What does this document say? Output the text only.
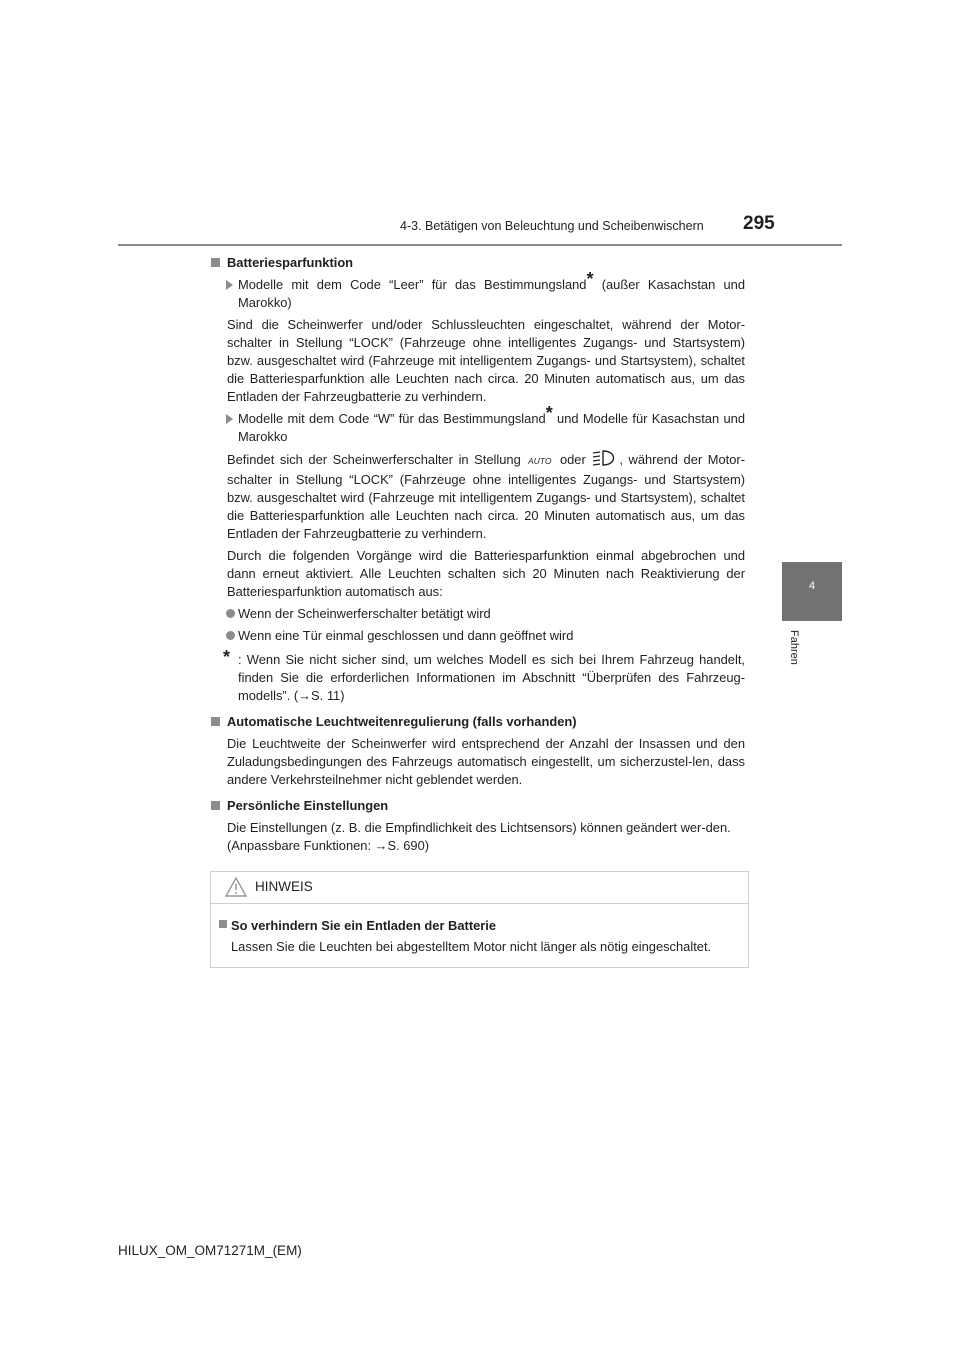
4-3. Betätigen von Beleuchtung und Scheibenwischern 295
4
Fahren
Batteriesparfunktion
Modelle mit dem Code “Leer” für das Bestimmungsland* (außer Kasachstan und Marokko)
Sind die Scheinwerfer und/oder Schlussleuchten eingeschaltet, während der Motor-schalter in Stellung “LOCK” (Fahrzeuge ohne intelligentes Zugangs- und Startsystem) bzw. ausgeschaltet wird (Fahrzeuge mit intelligentem Zugangs- und Startsystem), schaltet die Batteriesparfunktion alle Leuchten nach circa. 20 Minuten automatisch aus, um das Entladen der Fahrzeugbatterie zu verhindern.
Modelle mit dem Code “W” für das Bestimmungsland* und Modelle für Kasachstan und Marokko
Befindet sich der Scheinwerferschalter in Stellung AUTO oder , während der Motor-schalter in Stellung “LOCK” (Fahrzeuge ohne intelligentes Zugangs- und Startsystem) bzw. ausgeschaltet wird (Fahrzeuge mit intelligentem Zugangs- und Startsystem), schaltet die Batteriesparfunktion alle Leuchten nach circa. 20 Minuten automatisch aus, um das Entladen der Fahrzeugbatterie zu verhindern.
Durch die folgenden Vorgänge wird die Batteriesparfunktion einmal abgebrochen und dann erneut aktiviert. Alle Leuchten schalten sich 20 Minuten nach Reaktivierung der Batteriesparfunktion automatisch aus:
Wenn der Scheinwerferschalter betätigt wird
Wenn eine Tür einmal geschlossen und dann geöffnet wird
* : Wenn Sie nicht sicher sind, um welches Modell es sich bei Ihrem Fahrzeug handelt, finden Sie die erforderlichen Informationen im Abschnitt “Überprüfen des Fahrzeug-modells”. (→S. 11)
Automatische Leuchtweitenregulierung (falls vorhanden)
Die Leuchtweite der Scheinwerfer wird entsprechend der Anzahl der Insassen und den Zuladungsbedingungen des Fahrzeugs automatisch eingestellt, um sicherzustel-len, dass andere Verkehrsteilnehmer nicht geblendet werden.
Persönliche Einstellungen
Die Einstellungen (z. B. die Empfindlichkeit des Lichtsensors) können geändert wer-den.
(Anpassbare Funktionen: →S. 690)
HINWEIS
So verhindern Sie ein Entladen der Batterie
Lassen Sie die Leuchten bei abgestelltem Motor nicht länger als nötig eingeschaltet.
HILUX_OM_OM71271M_(EM)
